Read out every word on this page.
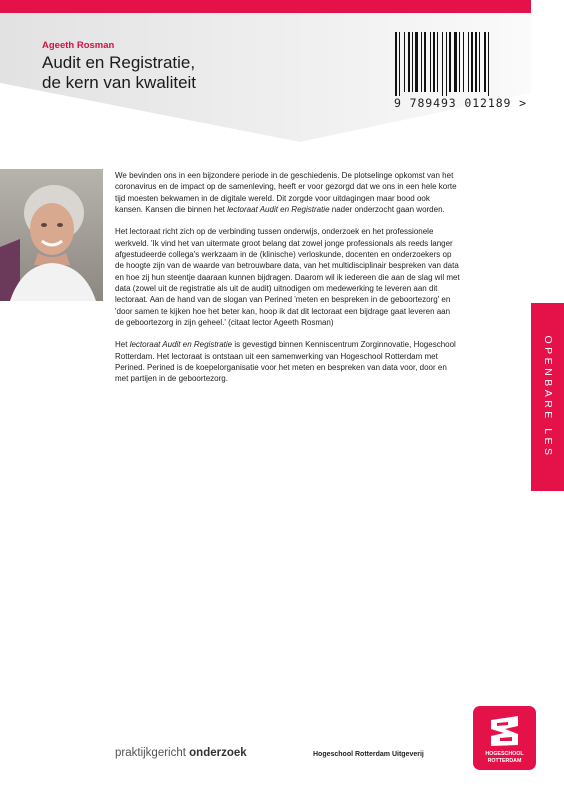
Ageeth Rosman
Audit en Registratie,
de kern van kwaliteit
9 789493 012189 >

We bevinden ons in een bijzondere periode in de geschiedenis. De plotselinge opkomst van het coronavirus en de impact op de samenleving, heeft er voor gezorgd dat we ons in een hele korte tijd moesten bekwamen in de digitale wereld. Dit zorgde voor uitdagingen maar bood ook kansen. Kansen die binnen het lectoraat Audit en Registratie nader onderzocht gaan worden.

Het lectoraat richt zich op de verbinding tussen onderwijs, onderzoek en het professionele werkveld. 'Ik vind het van uitermate groot belang dat zowel jonge professionals als reeds langer afgestudeerde collega's werkzaam in de (klinische) verloskunde, docenten en onderzoekers op de hoogte zijn van de waarde van betrouwbare data, van het multidisciplinair bespreken van data en hoe zij hun steentje daaraan kunnen bijdragen. Daarom wil ik iedereen die aan de slag wil met data (zowel uit de registratie als uit de audit) uitnodigen om medewerking te leveren aan dit lectoraat. Aan de hand van de slogan van Perined 'meten en bespreken in de geboortezorg' en 'door samen te kijken hoe het beter kan, hoop ik dat dit lectoraat een bijdrage gaat leveren aan de geboortezorg in zijn geheel.' (citaat lector Ageeth Rosman)

Het lectoraat Audit en Registratie is gevestigd binnen Kenniscentrum Zorginnovatie, Hogeschool Rotterdam. Het lectoraat is ontstaan uit een samenwerking van Hogeschool Rotterdam met Perined. Perined is de koepelorganisatie voor het meten en bespreken van data voor, door en met partijen in de geboortezorg.	OPENBARE LES
praktijkgericht onderzoek	Hogeschool Rotterdam Uitgeverij	HOGESCHOOL
ROTTERDAM
